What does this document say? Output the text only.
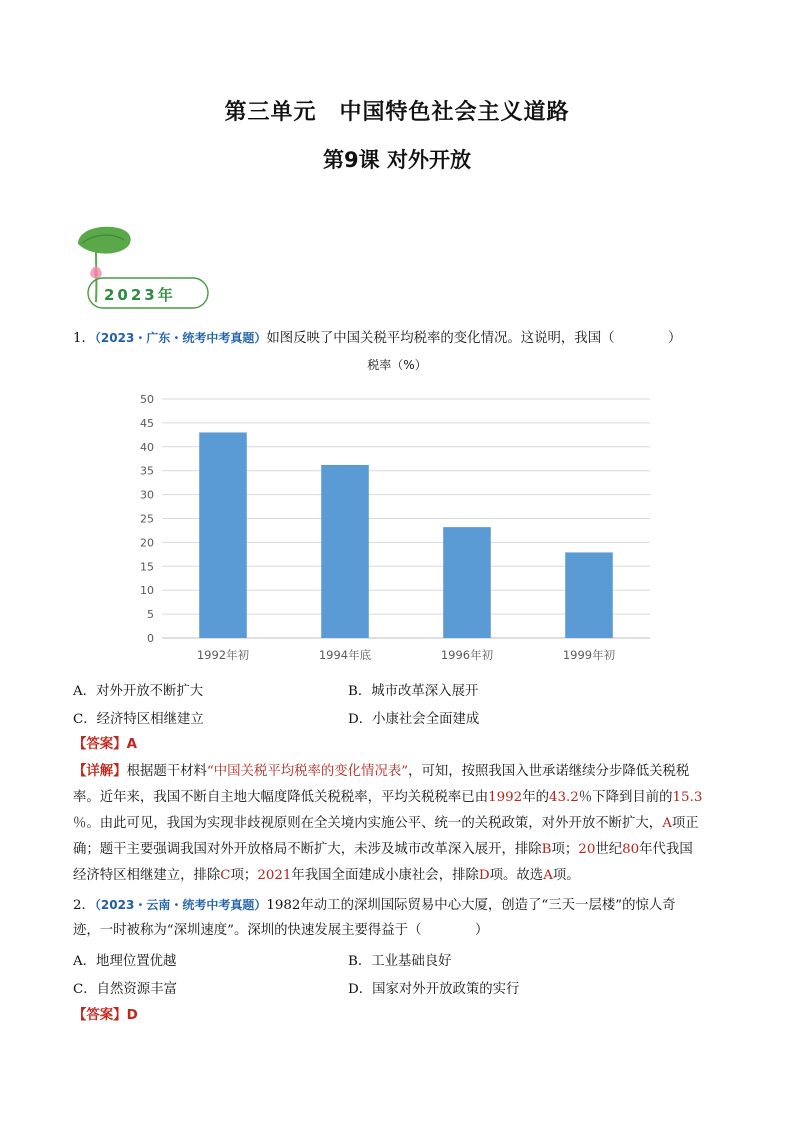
第三单元　中国特色社会主义道路
第9课 对外开放
2023年
1．（2023・广东・统考中考真题）如图反映了中国关税平均税率的变化情况。这说明，我国（　　　　）
税率（%）
0
5
10
15
20
25
30
35
40
45
50
1992年初	1994年底	1996年初	1999年初
A．对外开放不断扩大	B．城市改革深入展开
C．经济特区相继建立	D．小康社会全面建成
【答案】A
【详解】根据题干材料“中国关税平均税率的变化情况表”，可知，按照我国入世承诺继续分步降低关税税
率。近年来，我国不断自主地大幅度降低关税税率，平均关税税率已由1992年的43.2％下降到目前的15.3
％。由此可见，我国为实现非歧视原则在全关境内实施公平、统一的关税政策，对外开放不断扩大，A项正
确；题干主要强调我国对外开放格局不断扩大，未涉及城市改革深入展开，排除B项；20世纪80年代我国
经济特区相继建立，排除C项；2021年我国全面建成小康社会，排除D项。故选A项。
2．（2023・云南・统考中考真题）1982年动工的深圳国际贸易中心大厦，创造了“三天一层楼”的惊人奇
迹，一时被称为“深圳速度”。深圳的快速发展主要得益于（　　　　）
A．地理位置优越	B．工业基础良好
C．自然资源丰富	D．国家对外开放政策的实行
【答案】D
